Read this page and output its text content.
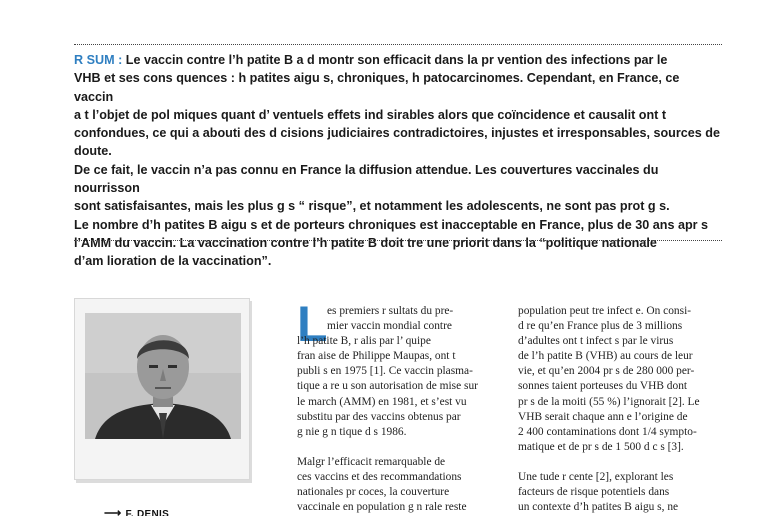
R SUM : Le vaccin contre l’h patite B a d montr son efficacit dans la pr vention des infections par le

VHB et ses cons quences : h patites aigu s, chroniques, h patocarcinomes. Cependant, en France, ce vaccin

a t l’objet de pol miques quant d’ ventuels effets ind sirables alors que coïncidence et causalit ont t

confondues, ce qui a abouti des d cisions judiciaires contradictoires, injustes et irresponsables, sources de

doute.

De ce fait, le vaccin n’a pas connu en France la diffusion attendue. Les couvertures vaccinales du nourrisson

sont satisfaisantes, mais les plus g s “ risque”, et notamment les adolescents, ne sont pas prot g s.

Le nombre d’h patites B aigu s et de porteurs chroniques est inacceptable en France, plus de 30 ans apr s

l’AMM du vaccin. La vaccination contre l’h patite B doit tre une priorit dans la “politique nationale

d’am lioration de la vaccination”.

⟶ F. DENIS
L es premiers r sultats du pre-
mier vaccin mondial contre
l’h patite B, r alis par l’ quipe
fran aise de Philippe Maupas, ont t
publi s en 1975 [1]. Ce vaccin plasma-
tique a re u son autorisation de mise sur
le march (AMM) en 1981, et s’est vu
substitu par des vaccins obtenus par
g nie g n tique d s 1986.

Malgr l’efficacit remarquable de
ces vaccins et des recommandations
nationales pr coces, la couverture
vaccinale en population g n rale reste

population peut tre infect e. On consi-
d re qu’en France plus de 3 millions
d’adultes ont t infect s par le virus
de l’h patite B (VHB) au cours de leur
vie, et qu’en 2004 pr s de 280 000 per-
sonnes taient porteuses du VHB dont
pr s de la moiti (55 %) l’ignorait [2]. Le
VHB serait chaque ann e l’origine de
2 400 contaminations dont 1/4 sympto-
matique et de pr s de 1 500 d c s [3].

Une tude r cente [2], explorant les
facteurs de risque potentiels dans
un contexte d’h patites B aigu s, ne
